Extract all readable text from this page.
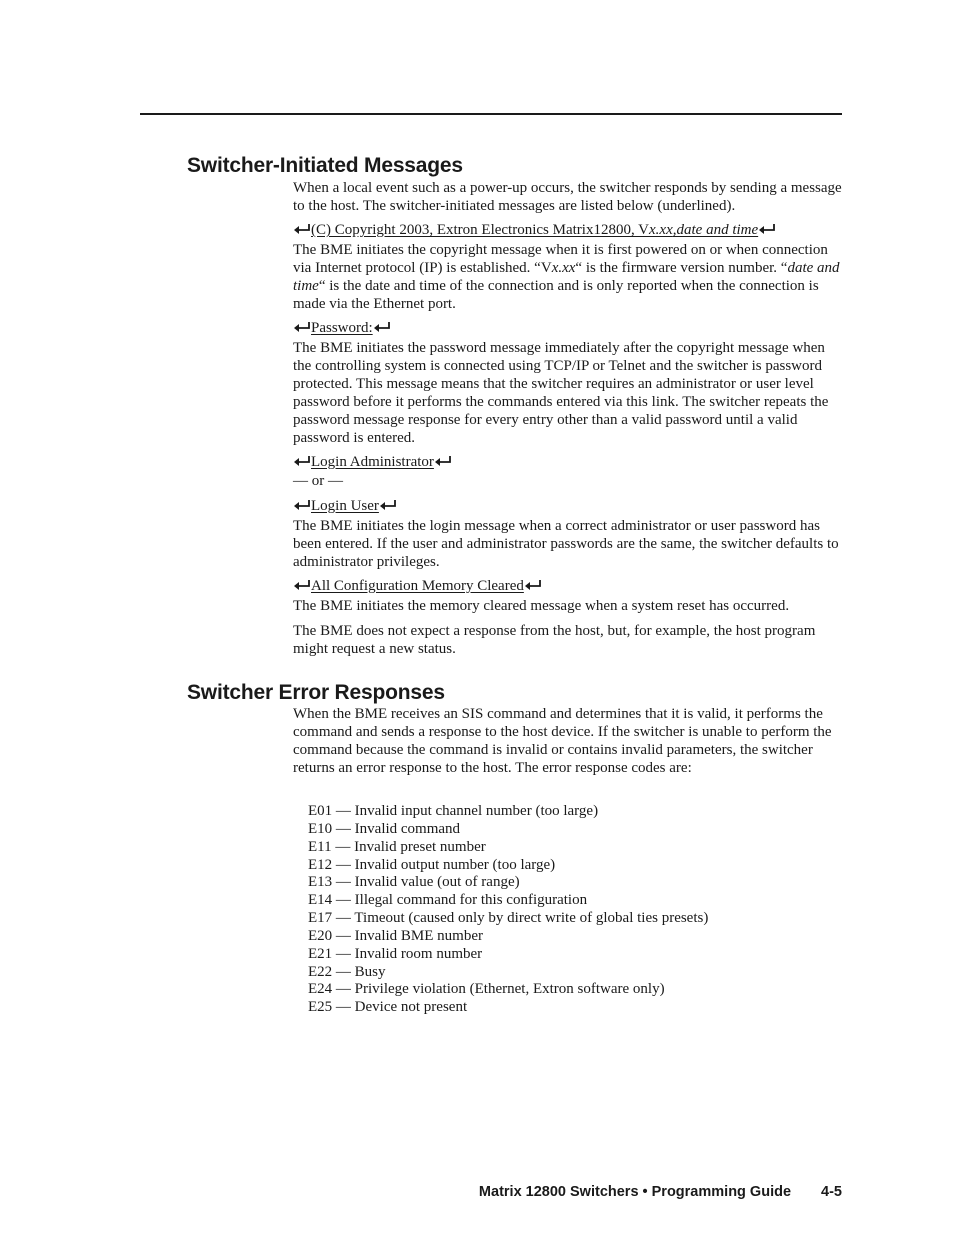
Switcher-Initiated Messages

When a local event such as a power-up occurs, the switcher responds by sending a message to the host. The switcher-initiated messages are listed below (underlined).

(C) Copyright 2003, Extron Electronics Matrix12800, Vx.xx,date and time

The BME initiates the copyright message when it is first powered on or when connection via Internet protocol (IP) is established. “Vx.xx“ is the firmware version number. “date and time“ is the date and time of the connection and is only reported when the connection is made via the Ethernet port.

Password:

The BME initiates the password message immediately after the copyright message when the controlling system is connected using TCP/IP or Telnet and the switcher is password protected. This message means that the switcher requires an administrator or user level password before it performs the commands entered via this link. The switcher repeats the password message response for every entry other than a valid password until a valid password is entered.

Login Administrator

— or —

Login User

The BME initiates the login message when a correct administrator or user password has been entered. If the user and administrator passwords are the same, the switcher defaults to administrator privileges.

All Configuration Memory Cleared

The BME initiates the memory cleared message when a system reset has occurred.

The BME does not expect a response from the host, but, for example, the host program might request a new status.

Switcher Error Responses

When the BME receives an SIS command and determines that it is valid, it performs the command and sends a response to the host device. If the switcher is unable to perform the command because the command is invalid or contains invalid parameters, the switcher returns an error response to the host. The error response codes are:

E01 — Invalid input channel number (too large)
E10 — Invalid command
E11 — Invalid preset number
E12 — Invalid output number (too large)
E13 — Invalid value (out of range)
E14 — Illegal command for this configuration
E17 — Timeout (caused only by direct write of global ties presets)
E20 — Invalid BME number
E21 — Invalid room number
E22 — Busy
E24 — Privilege violation (Ethernet, Extron software only)
E25 — Device not present
Matrix 12800 Switchers • Programming Guide 4-5
